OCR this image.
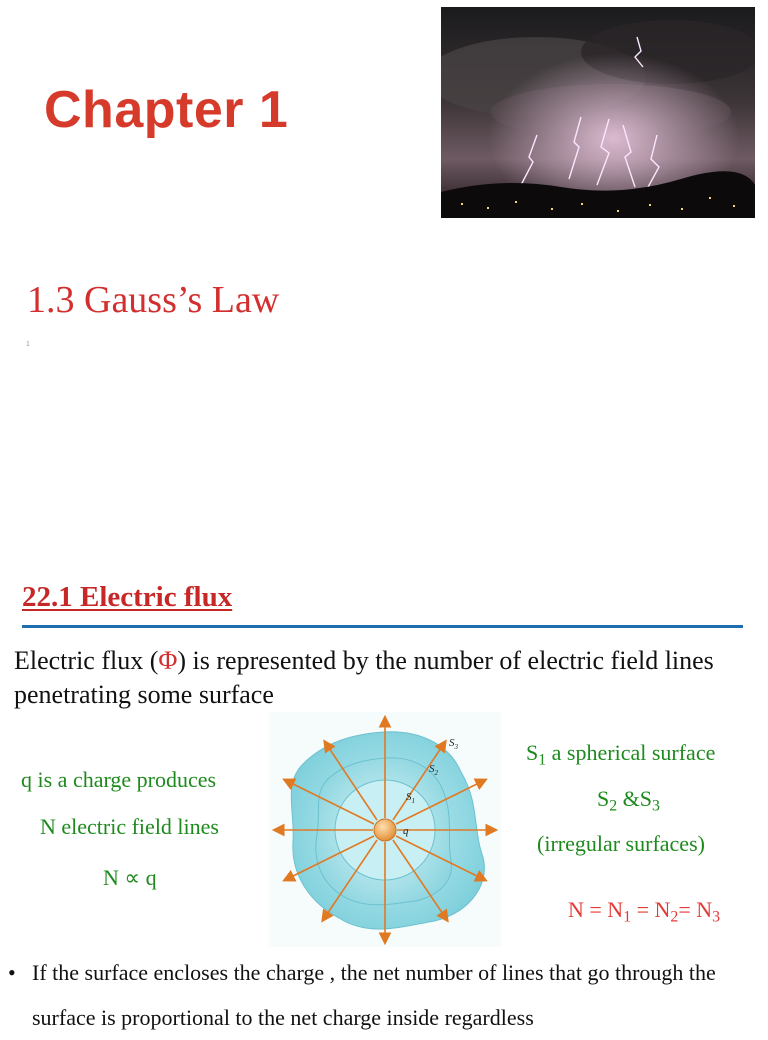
Chapter 1
1.3 Gauss’s Law
1
22.1 Electric flux
Electric flux (Φ) is represented by the number of electric field lines penetrating some surface
q is a charge produces
N electric field lines
N ∝ q
$S_1$ a spherical surface
$S_2$ $\&S_3$
(irregular surfaces)
$N = N_1 = N_2= N_3$
$S_1$
$S_2$
$S_3$
q
• If the surface encloses the charge , the net number of lines that go through the surface is proportional to the net charge inside regardless
